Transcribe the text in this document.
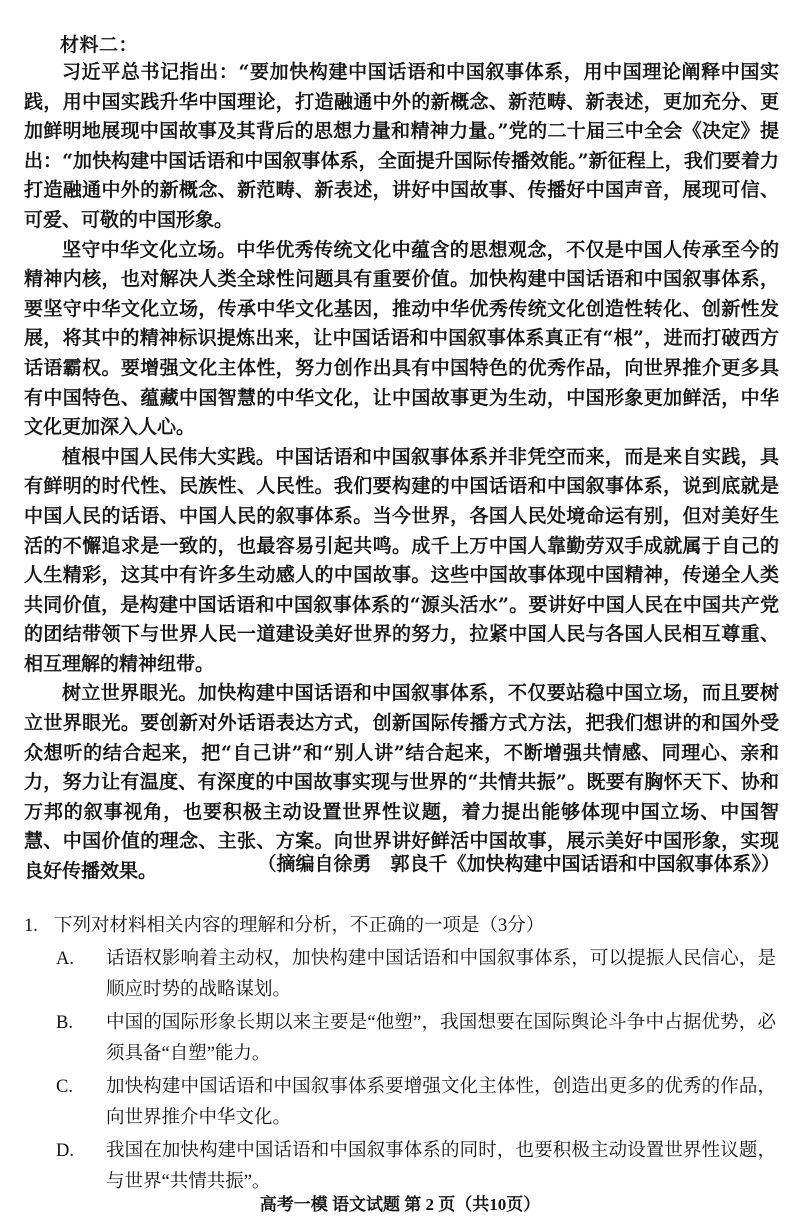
材料二：

习近平总书记指出：“要加快构建中国话语和中国叙事体系，用中国理论阐释中国实践，用中国实践升华中国理论，打造融通中外的新概念、新范畴、新表述，更加充分、更加鲜明地展现中国故事及其背后的思想力量和精神力量。”党的二十届三中全会《决定》提出：“加快构建中国话语和中国叙事体系，全面提升国际传播效能。”新征程上，我们要着力打造融通中外的新概念、新范畴、新表述，讲好中国故事、传播好中国声音，展现可信、可爱、可敬的中国形象。

坚守中华文化立场。中华优秀传统文化中蕴含的思想观念，不仅是中国人传承至今的精神内核，也对解决人类全球性问题具有重要价值。加快构建中国话语和中国叙事体系，要坚守中华文化立场，传承中华文化基因，推动中华优秀传统文化创造性转化、创新性发展，将其中的精神标识提炼出来，让中国话语和中国叙事体系真正有“根”，进而打破西方话语霸权。要增强文化主体性，努力创作出具有中国特色的优秀作品，向世界推介更多具有中国特色、蕴藏中国智慧的中华文化，让中国故事更为生动，中国形象更加鲜活，中华文化更加深入人心。

植根中国人民伟大实践。中国话语和中国叙事体系并非凭空而来，而是来自实践，具有鲜明的时代性、民族性、人民性。我们要构建的中国话语和中国叙事体系，说到底就是中国人民的话语、中国人民的叙事体系。当今世界，各国人民处境命运有别，但对美好生活的不懈追求是一致的，也最容易引起共鸣。成千上万中国人靠勤劳双手成就属于自己的人生精彩，这其中有许多生动感人的中国故事。这些中国故事体现中国精神，传递全人类共同价值，是构建中国话语和中国叙事体系的“源头活水”。要讲好中国人民在中国共产党的团结带领下与世界人民一道建设美好世界的努力，拉紧中国人民与各国人民相互尊重、相互理解的精神纽带。

树立世界眼光。加快构建中国话语和中国叙事体系，不仅要站稳中国立场，而且要树立世界眼光。要创新对外话语表达方式，创新国际传播方式方法，把我们想讲的和国外受众想听的结合起来，把“自己讲”和“别人讲”结合起来，不断增强共情感、同理心、亲和力，努力让有温度、有深度的中国故事实现与世界的“共情共振”。既要有胸怀天下、协和万邦的叙事视角，也要积极主动设置世界性议题，着力提出能够体现中国立场、中国智慧、中国价值的理念、主张、方案。向世界讲好鲜活中国故事，展示美好中国形象，实现良好传播效果。	（摘编自徐勇　郭良千《加快构建中国话语和中国叙事体系》）
1. 下列对材料相关内容的理解和分析，不正确的一项是（3分）
A.	话语权影响着主动权，加快构建中国话语和中国叙事体系，可以提振人民信心，是顺应时势的战略谋划。
B.	中国的国际形象长期以来主要是“他塑”，我国想要在国际舆论斗争中占据优势，必须具备“自塑”能力。
C.	加快构建中国话语和中国叙事体系要增强文化主体性，创造出更多的优秀的作品，向世界推介中华文化。
D.	我国在加快构建中国话语和中国叙事体系的同时，也要积极主动设置世界性议题，与世界“共情共振”。
高考一模 语文试题 第 2 页（共10页）
